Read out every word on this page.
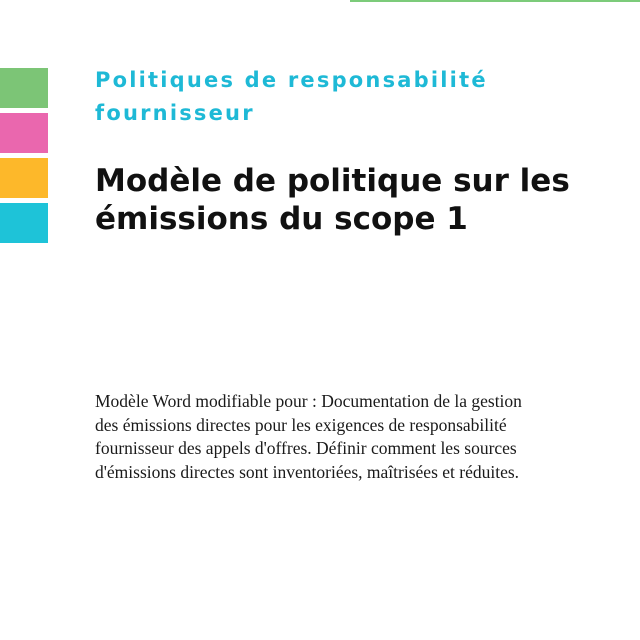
Politiques de responsabilité fournisseur
Modèle de politique sur les émissions du scope 1
Modèle Word modifiable pour : Documentation de la gestion des émissions directes pour les exigences de responsabilité fournisseur des appels d'offres. Définir comment les sources d'émissions directes sont inventoriées, maîtrisées et réduites.
